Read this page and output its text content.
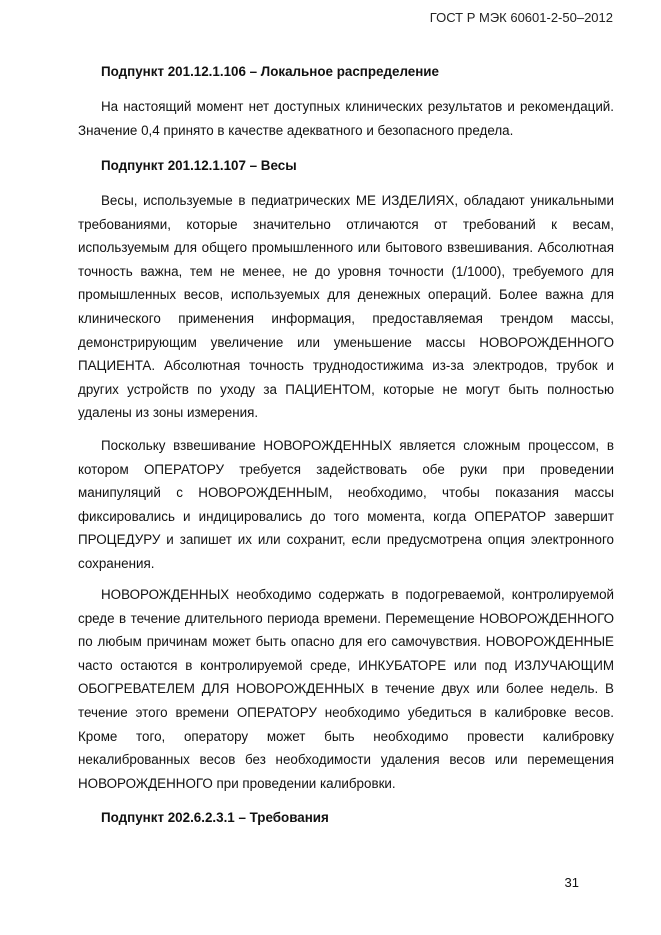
ГОСТ Р МЭК 60601-2-50–2012
Подпункт 201.12.1.106 – Локальное распределение

На настоящий момент нет доступных клинических результатов и рекомендаций. Значение 0,4 принято в качестве адекватного и безопасного предела.

Подпункт 201.12.1.107 – Весы

Весы, используемые в педиатрических МЕ ИЗДЕЛИЯХ, обладают уникальными требованиями, которые значительно отличаются от требований к весам, используемым для общего промышленного или бытового взвешивания. Абсолютная точность важна, тем не менее, не до уровня точности (1/1000), требуемого для промышленных весов, используемых для денежных операций. Более важна для клинического применения информация, предоставляемая трендом массы, демонстрирующим увеличение или уменьшение массы НОВОРОЖДЕННОГО ПАЦИЕНТА. Абсолютная точность труднодостижима из-за электродов, трубок и других устройств по уходу за ПАЦИЕНТОМ, которые не могут быть полностью удалены из зоны измерения.

Поскольку взвешивание НОВОРОЖДЕННЫХ является сложным процессом, в котором ОПЕРАТОРУ требуется задействовать обе руки при проведении манипуляций с НОВОРОЖДЕННЫМ, необходимо, чтобы показания массы фиксировались и индицировались до того момента, когда ОПЕРАТОР завершит ПРОЦЕДУРУ и запишет их или сохранит, если предусмотрена опция электронного сохранения.

НОВОРОЖДЕННЫХ необходимо содержать в подогреваемой, контролируемой среде в течение длительного периода времени. Перемещение НОВОРОЖДЕННОГО по любым причинам может быть опасно для его самочувствия. НОВОРОЖДЕННЫЕ часто остаются в контролируемой среде, ИНКУБАТОРЕ или под ИЗЛУЧАЮЩИМ ОБОГРЕВАТЕЛЕМ ДЛЯ НОВОРОЖДЕННЫХ в течение двух или более недель. В течение этого времени ОПЕРАТОРУ необходимо убедиться в калибровке весов. Кроме того, оператору может быть необходимо провести калибровку некалиброванных весов без необходимости удаления весов или перемещения НОВОРОЖДЕННОГО при проведении калибровки.

Подпункт 202.6.2.3.1 – Требования
31
